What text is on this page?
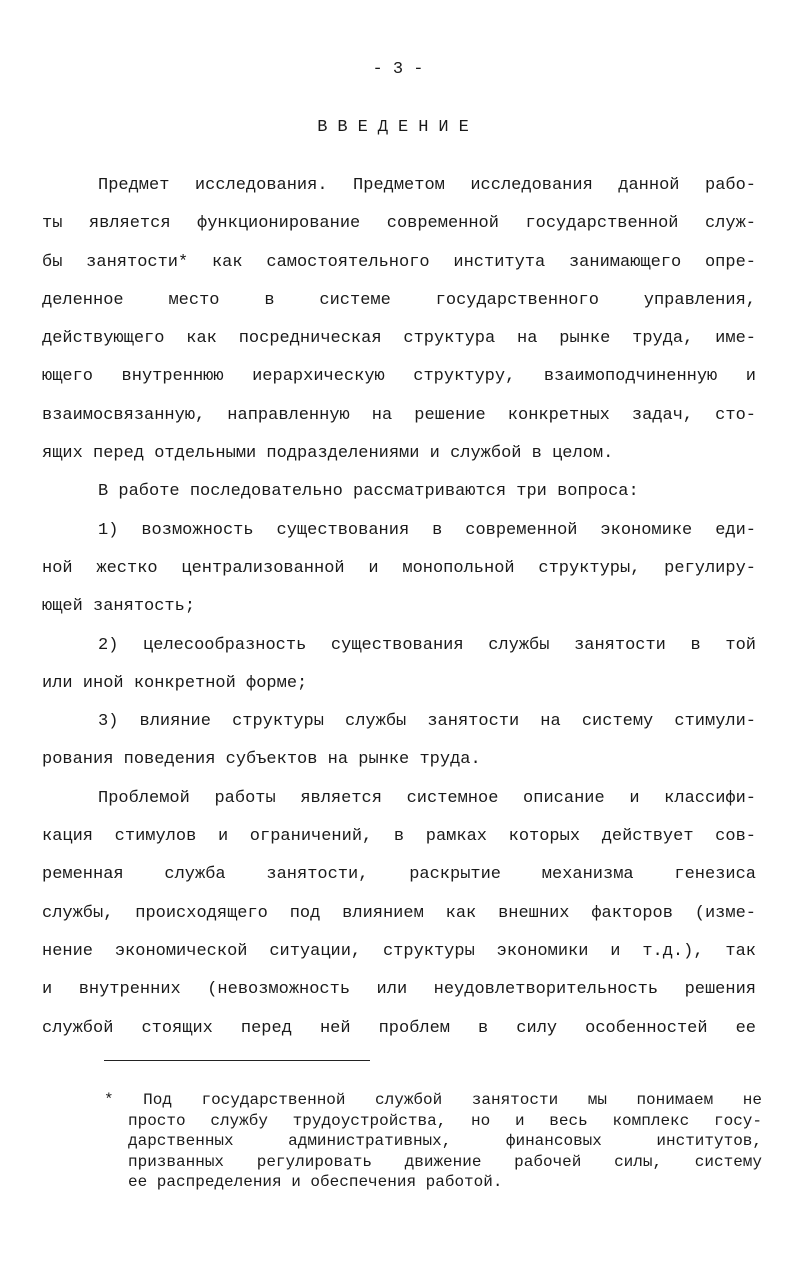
- 3 -
ВВЕДЕНИЕ
Предмет исследования. Предметом исследования данной рабо-
ты является функционирование современной государственной служ-
бы занятости* как самостоятельного института занимающего опре-
деленное место в системе государственного управления,
действующего как посредническая структура на рынке труда, име-
ющего внутреннюю иерархическую структуру, взаимоподчиненную и
взаимосвязанную, направленную на решение конкретных задач, сто-
ящих перед отдельными подразделениями и службой в целом.
В работе последовательно рассматриваются три вопроса:
1) возможность существования в современной экономике еди-
ной жестко централизованной и монопольной структуры, регулиру-
ющей занятость;
2) целесообразность существования службы занятости в той
или иной конкретной форме;
3) влияние структуры службы занятости на систему стимули-
рования поведения субъектов на рынке труда.
Проблемой работы является системное описание и классифи-
кация стимулов и ограничений, в рамках которых действует сов-
ременная служба занятости, раскрытие механизма генезиса
службы, происходящего под влиянием как внешних факторов (изме-
нение экономической ситуации, структуры экономики и т.д.), так
и внутренних (невозможность или неудовлетворительность решения
службой стоящих перед ней проблем в силу особенностей ее
* Под государственной службой занятости мы понимаем не
просто службу трудоустройства, но и весь комплекс госу-
дарственных административных, финансовых институтов,
призванных регулировать движение рабочей силы, систему
ее распределения и обеспечения работой.
